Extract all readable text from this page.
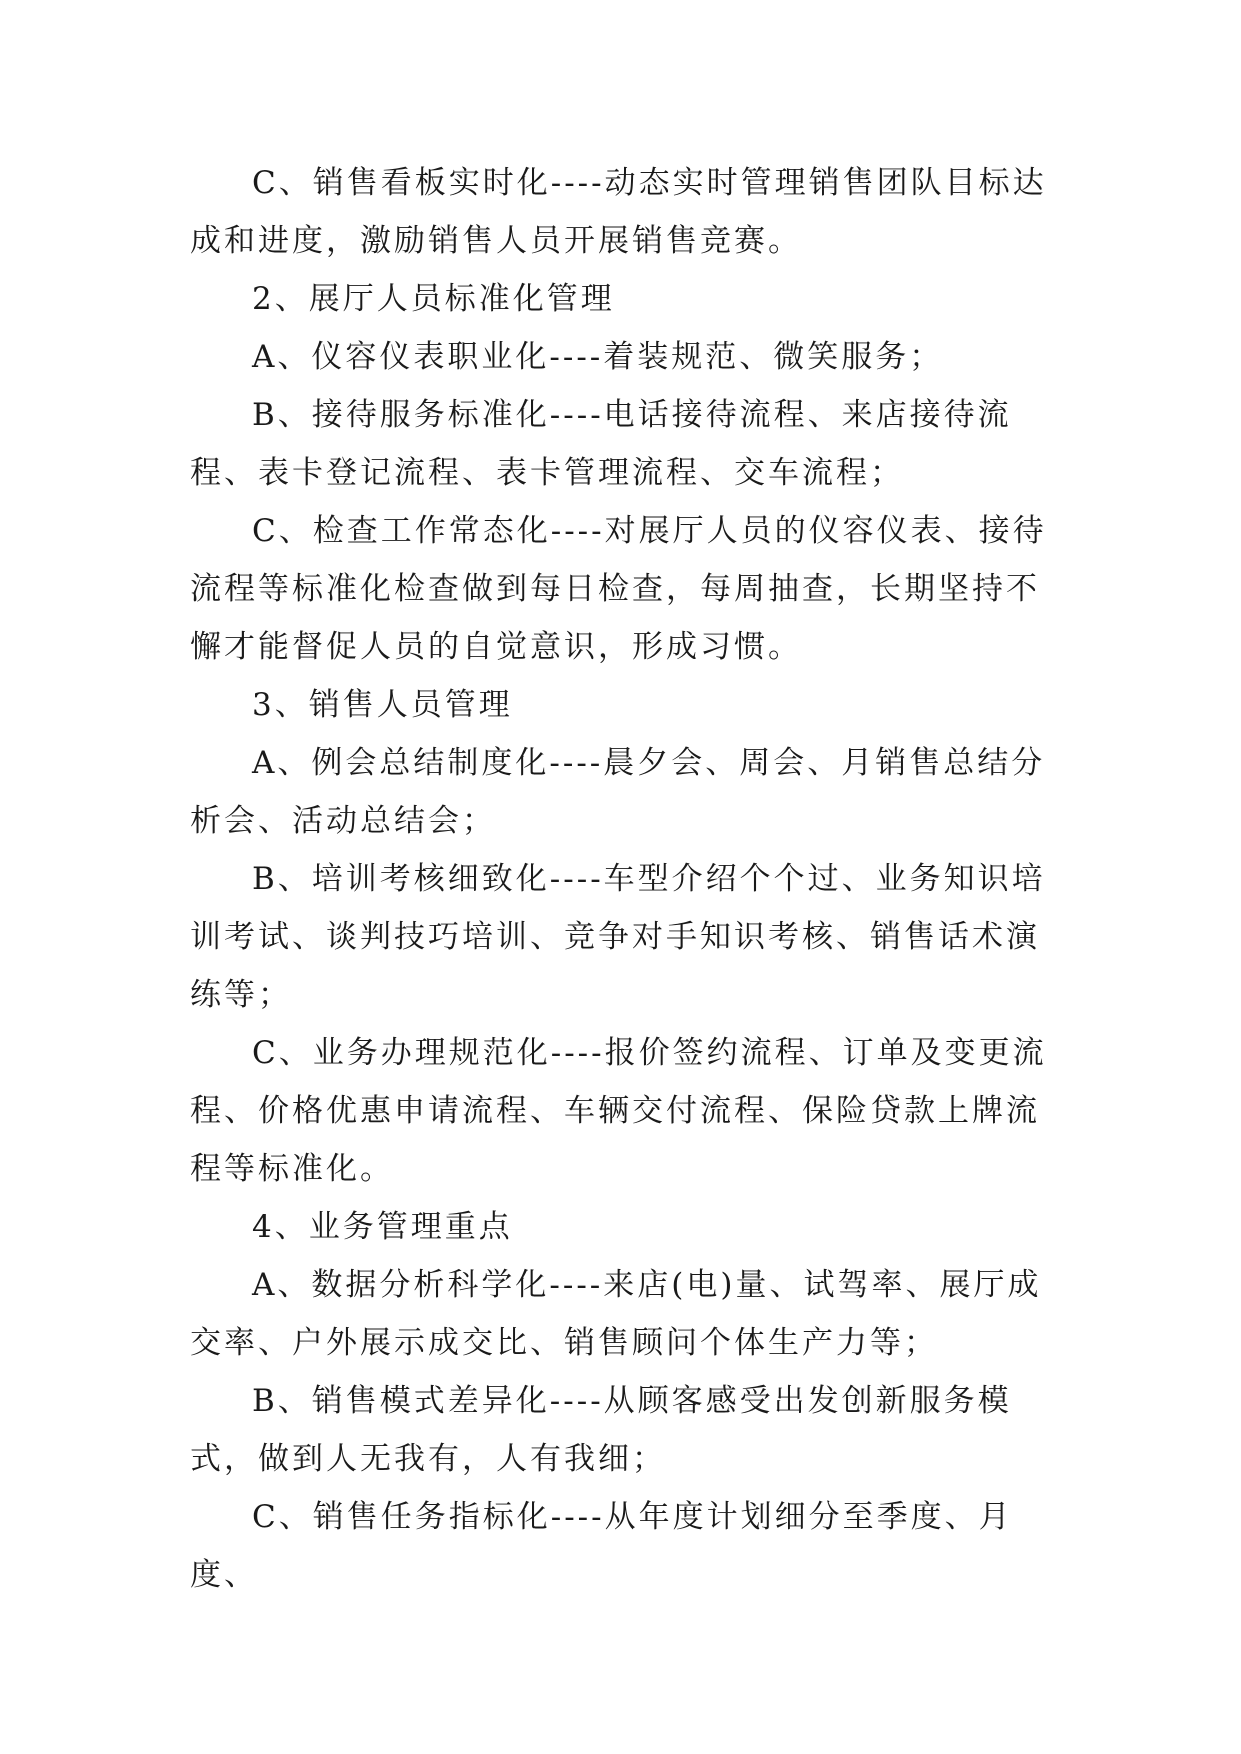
C、销售看板实时化----动态实时管理销售团队目标达成和进度，激励销售人员开展销售竞赛。

2、展厅人员标准化管理

A、仪容仪表职业化----着装规范、微笑服务；

B、接待服务标准化----电话接待流程、来店接待流程、表卡登记流程、表卡管理流程、交车流程；

C、检查工作常态化----对展厅人员的仪容仪表、接待流程等标准化检查做到每日检查，每周抽查，长期坚持不懈才能督促人员的自觉意识，形成习惯。

3、销售人员管理

A、例会总结制度化----晨夕会、周会、月销售总结分析会、活动总结会；

B、培训考核细致化----车型介绍个个过、业务知识培训考试、谈判技巧培训、竞争对手知识考核、销售话术演练等；

C、业务办理规范化----报价签约流程、订单及变更流程、价格优惠申请流程、车辆交付流程、保险贷款上牌流程等标准化。

4、业务管理重点

A、数据分析科学化----来店(电)量、试驾率、展厅成交率、户外展示成交比、销售顾问个体生产力等；

B、销售模式差异化----从顾客感受出发创新服务模式，做到人无我有，人有我细；

C、销售任务指标化----从年度计划细分至季度、月度、
